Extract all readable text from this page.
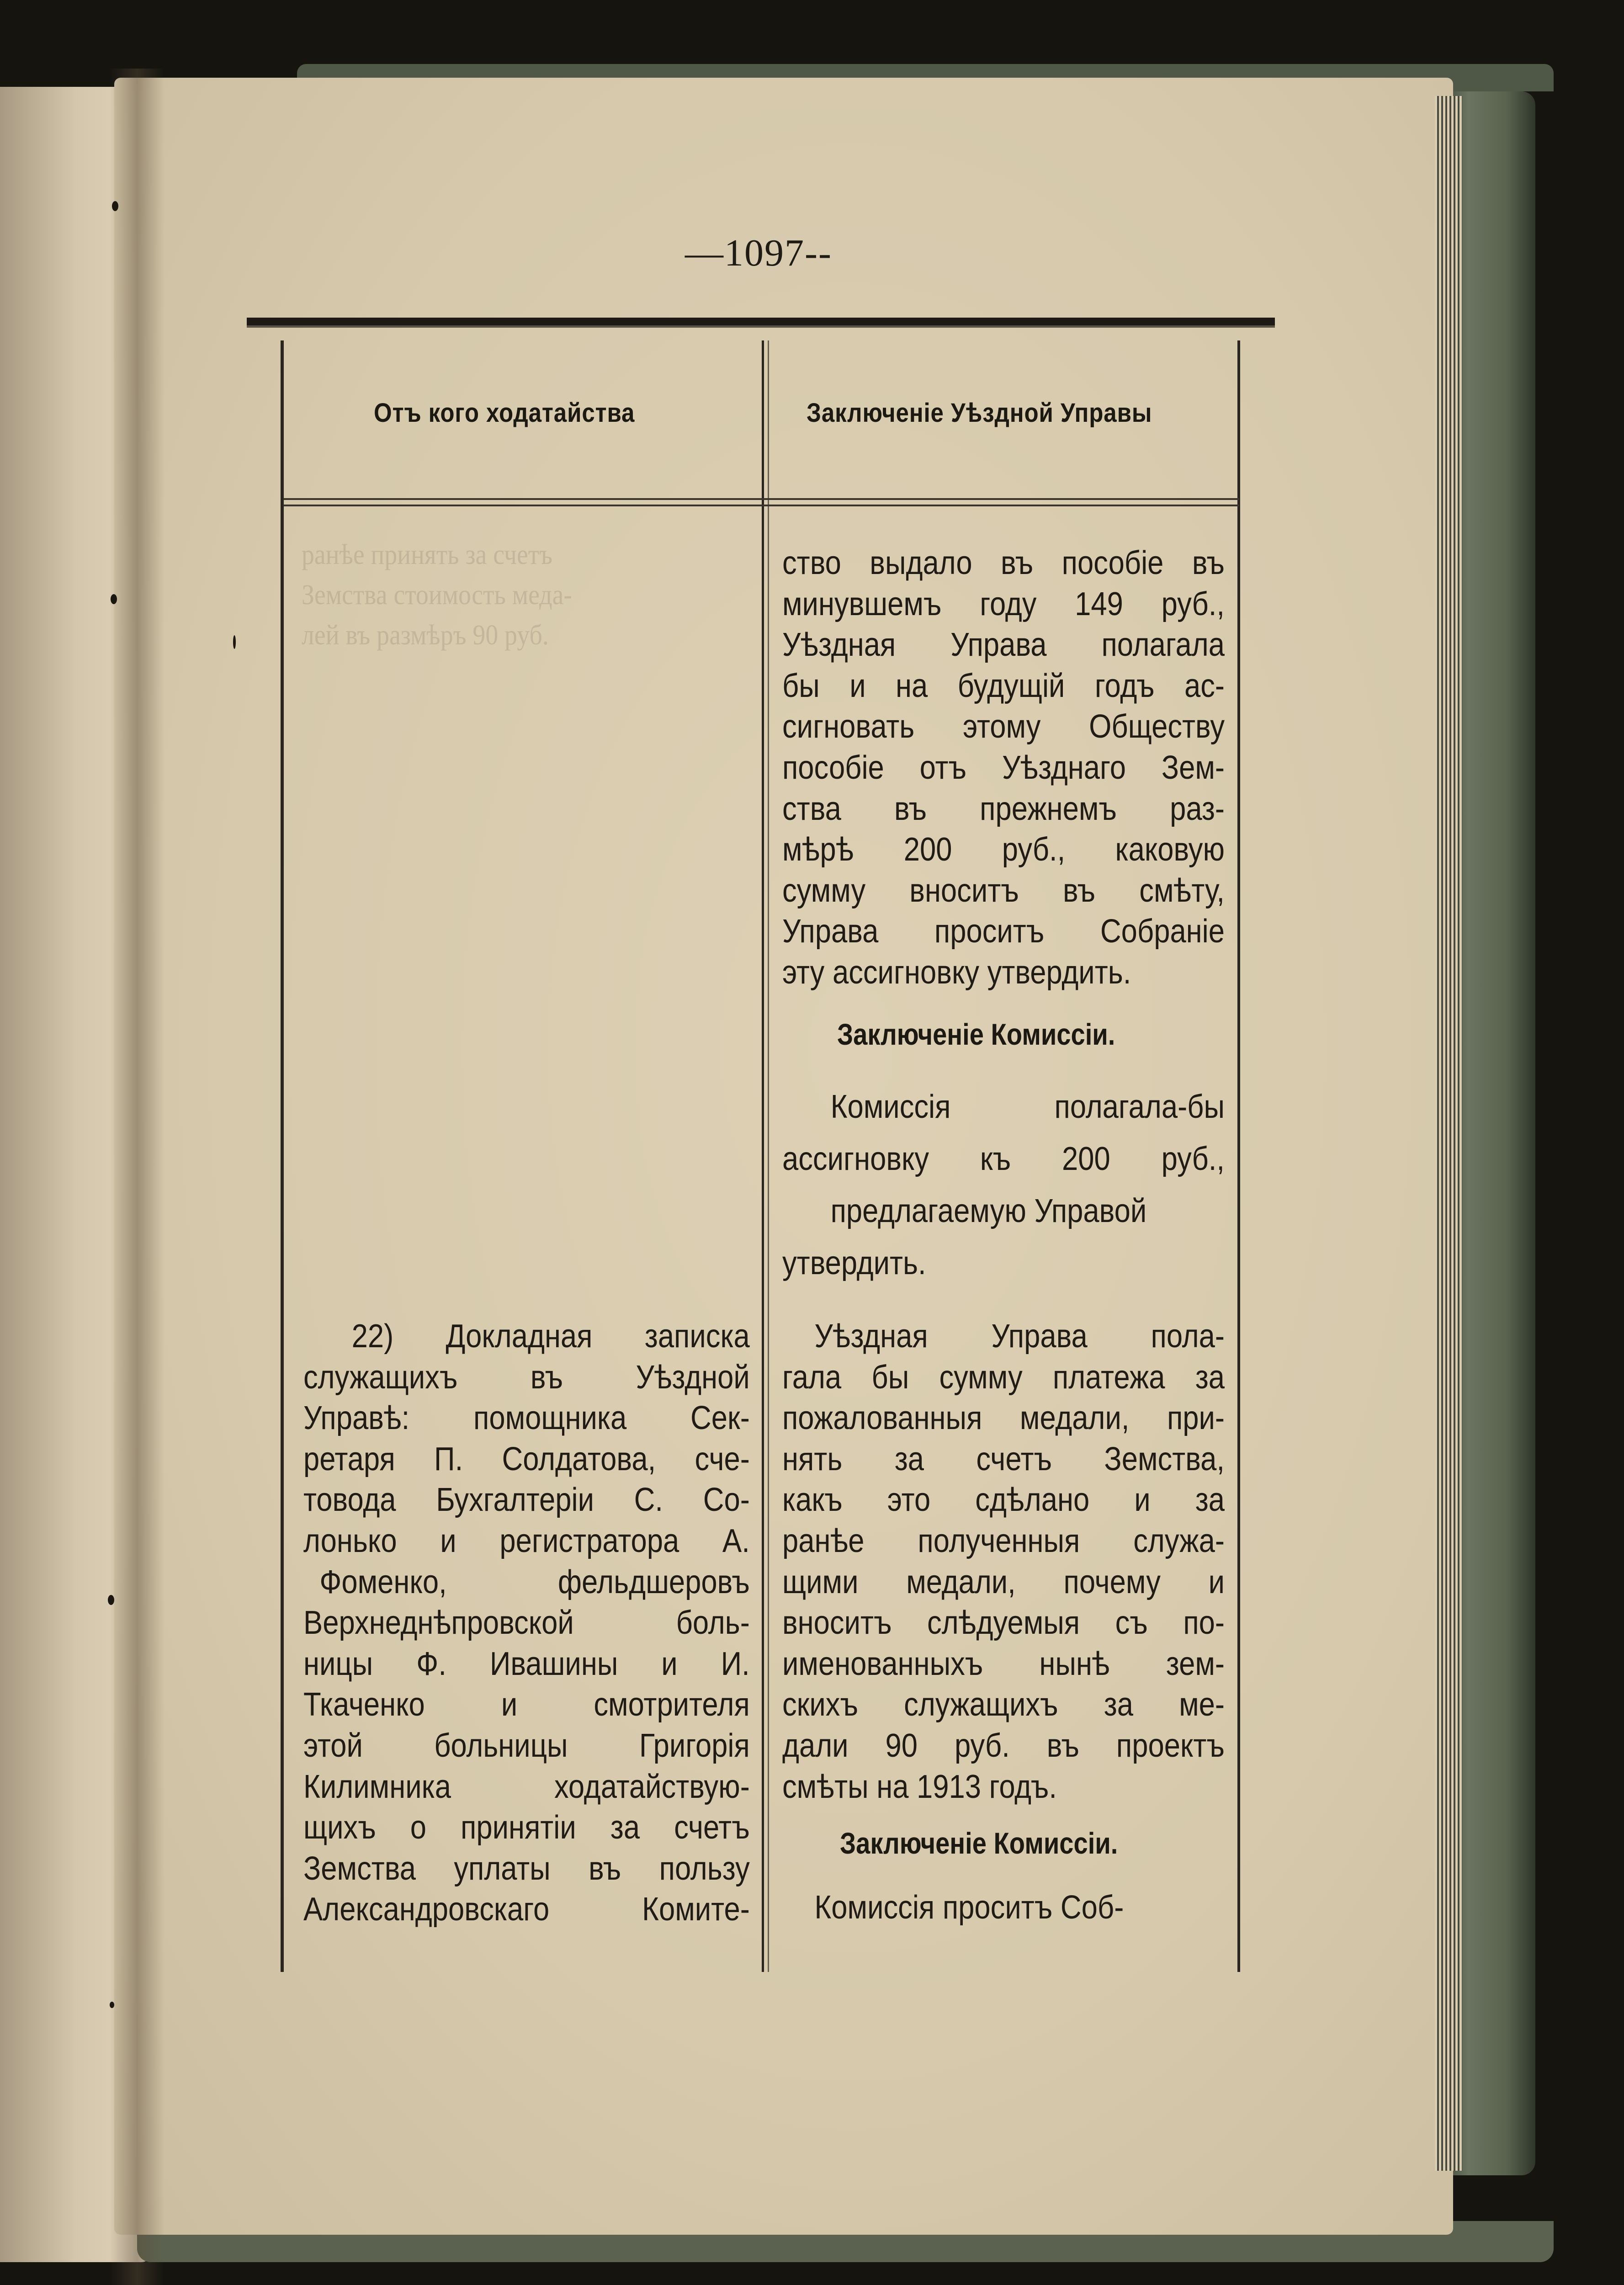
ранѣе принять за счетъ
Земства стоимость меда-
лей въ размѣръ 90 руб.
—1097--
Отъ кого ходатайства	Заключеніе Уѣздной Управы
ство выдало въ пособіе въ
минувшемъ году 149 руб.,
Уѣздная Управа полагала
бы и на будущій годъ ас-
сигновать этому Обществу
пособіе отъ Уѣзднаго Зем-
ства въ прежнемъ раз-
мѣрѣ 200 руб., каковую
сумму вноситъ въ смѣту,
Управа проситъ Собраніе
эту ассигновку утвердить.
Заключеніе Комиссіи.
Комиссія полагала-бы
ассигновку къ 200 руб.,
предлагаемую Управой
утвердить.
22) Докладная записка
служащихъ въ Уѣздной
Управѣ: помощника Сек-
ретаря П. Солдатова, сче-
товода Бухгалтеріи С. Со-
лонько и регистратора А.
Фоменко, фельдшеровъ
Верхнеднѣпровской боль-
ницы Ф. Ивашины и И.
Ткаченко и смотрителя
этой больницы Григорія
Килимника ходатайствую-
щихъ о принятіи за счетъ
Земства уплаты въ пользу
Александровскаго Комите-
Уѣздная Управа пола-
гала бы сумму платежа за
пожалованныя медали, при-
нять за счетъ Земства,
какъ это сдѣлано и за
ранѣе полученныя служа-
щими медали, почему и
вноситъ слѣдуемыя съ по-
именованныхъ нынѣ зем-
скихъ служащихъ за ме-
дали 90 руб. въ проектъ
смѣты на 1913 годъ.
Заключеніе Комиссіи.
Комиссія проситъ Соб-
